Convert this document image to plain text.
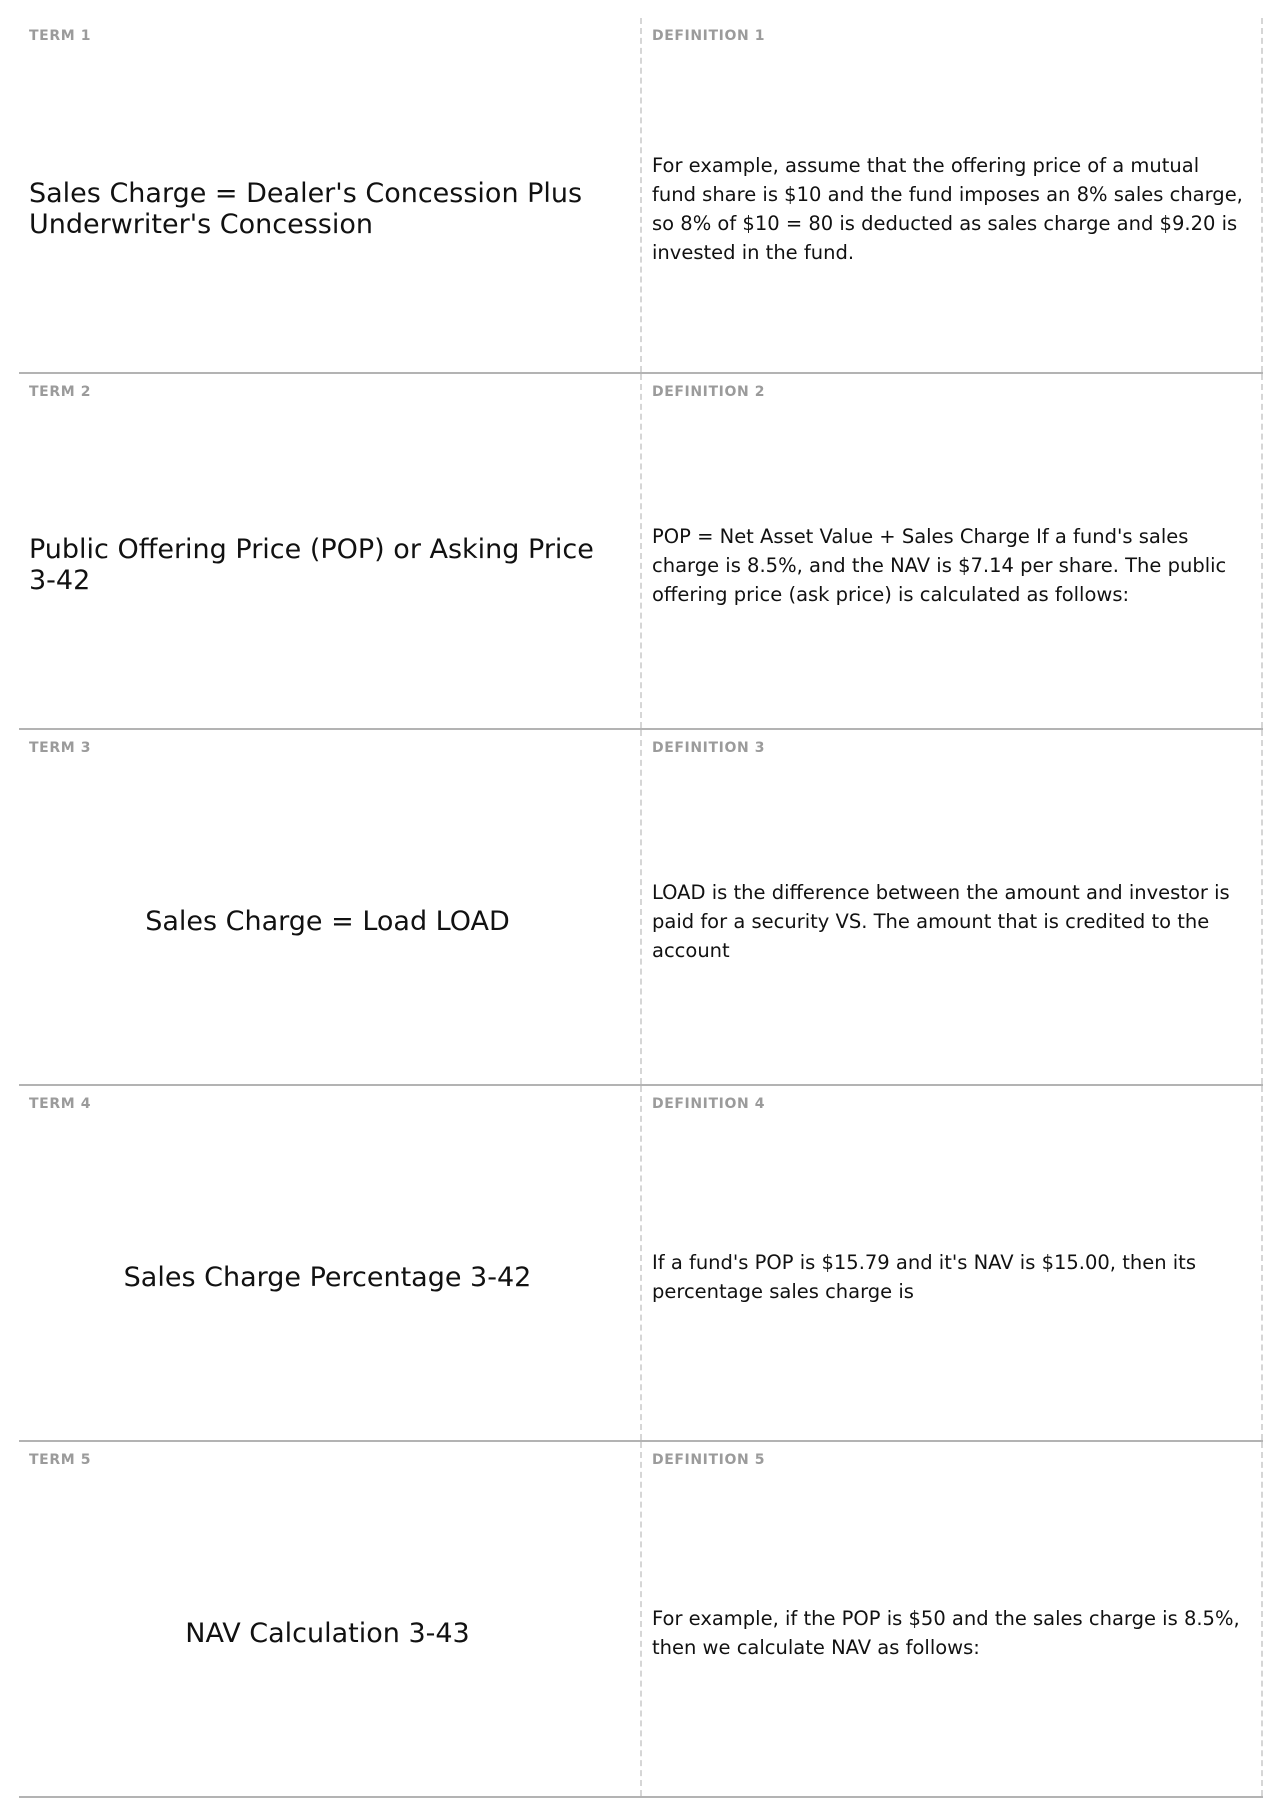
TERM 1
Sales Charge = Dealer's Concession Plus Underwriter's Concession
DEFINITION 1
For example, assume that the offering price of a mutual fund share is $10 and the fund imposes an 8% sales charge, so 8% of $10 = 80 is deducted as sales charge and $9.20 is invested in the fund.
TERM 2
Public Offering Price (POP) or Asking Price 3-42
DEFINITION 2
POP = Net Asset Value + Sales Charge If a fund's sales charge is 8.5%, and the NAV is $7.14 per share. The public offering price (ask price) is calculated as follows:
TERM 3
Sales Charge = Load LOAD
DEFINITION 3
LOAD is the difference between the amount and investor is paid for a security VS. The amount that is credited to the account
TERM 4
Sales Charge Percentage 3-42
DEFINITION 4
If a fund's POP is $15.79 and it's NAV is $15.00, then its percentage sales charge is
TERM 5
NAV Calculation 3-43
DEFINITION 5
For example, if the POP is $50 and the sales charge is 8.5%, then we calculate NAV as follows:
